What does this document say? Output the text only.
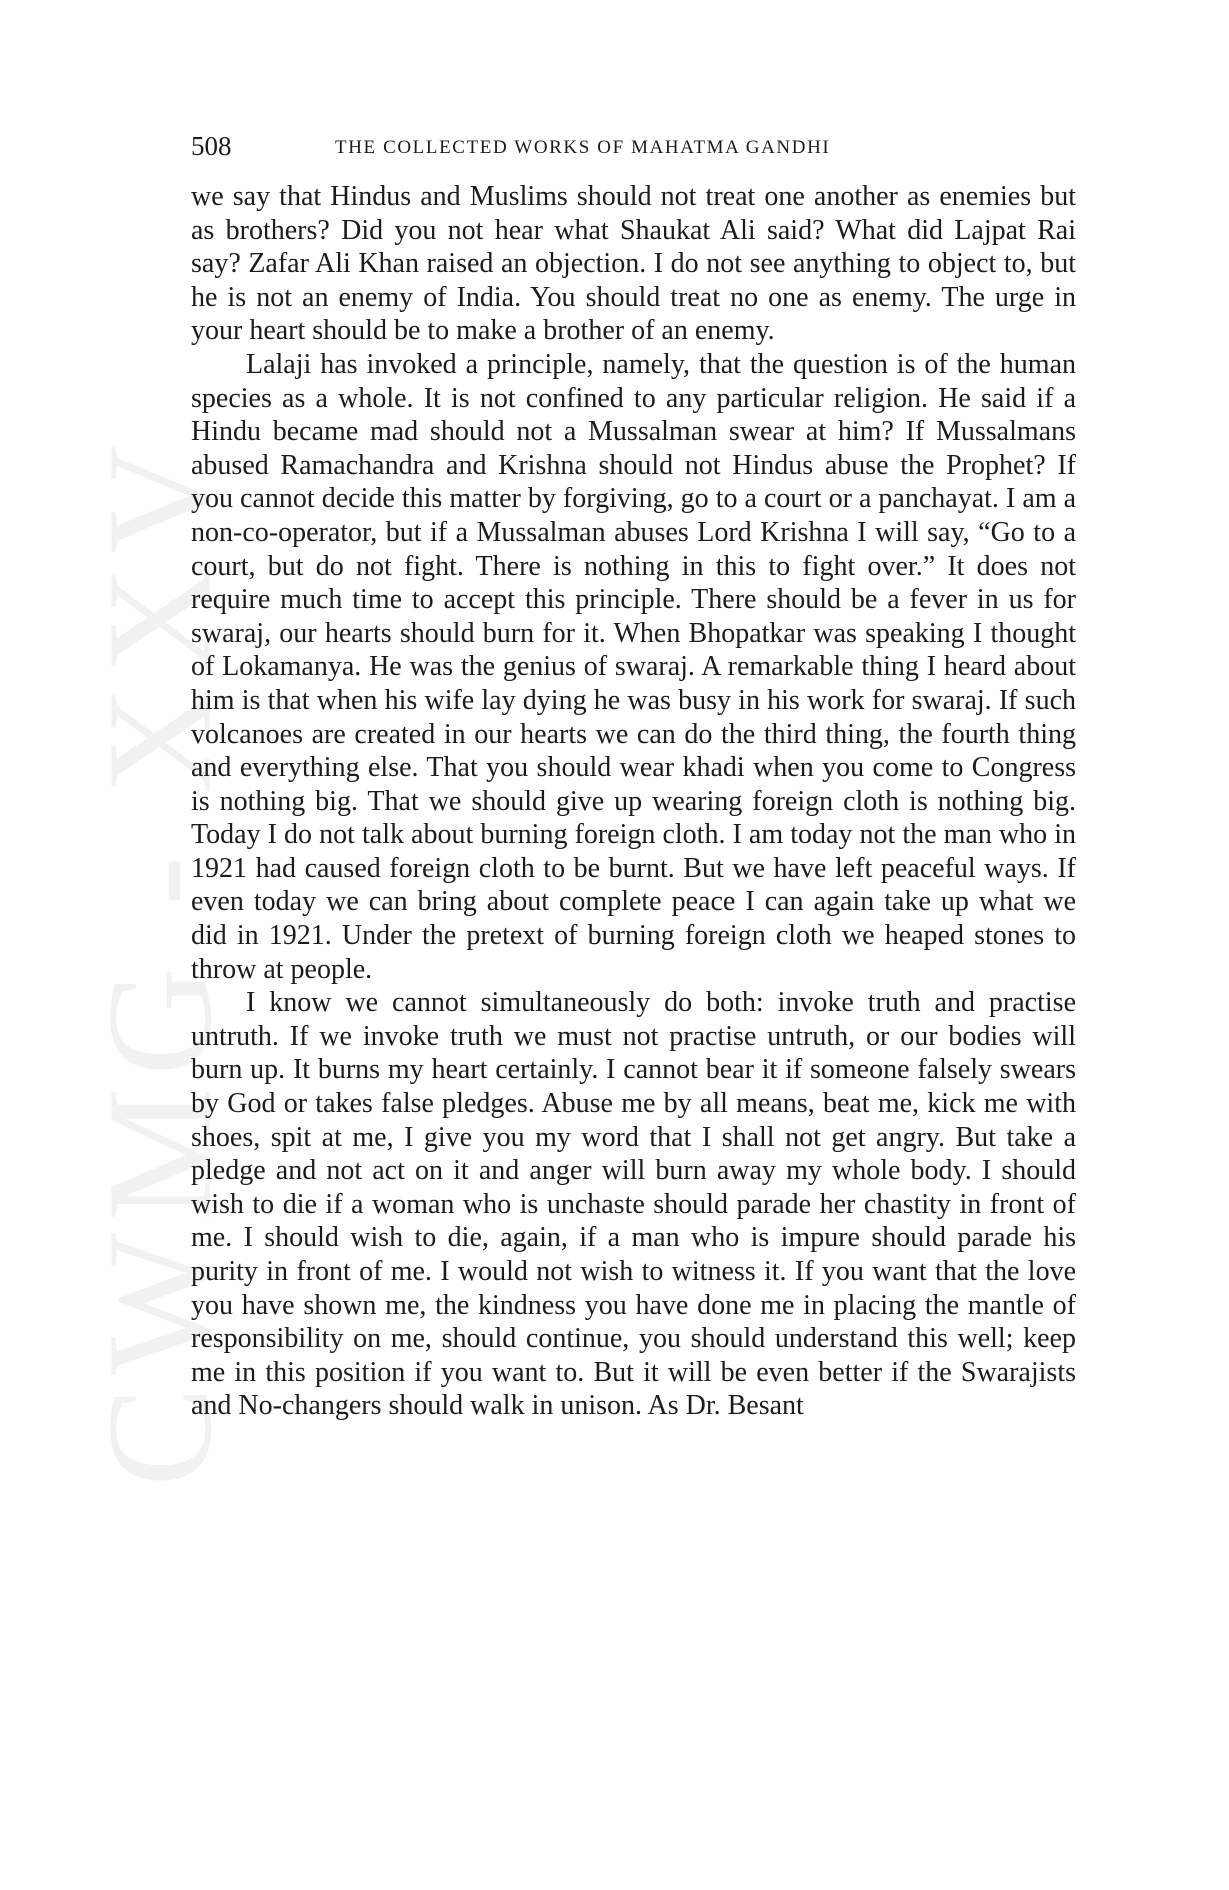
CWMG - XXV
508	THE COLLECTED WORKS OF MAHATMA GANDHI

we say that Hindus and Muslims should not treat one another as enemies but as brothers? Did you not hear what Shaukat Ali said? What did Lajpat Rai say? Zafar Ali Khan raised an objection. I do not see anything to object to, but he is not an enemy of India. You should treat no one as enemy. The urge in your heart should be to make a brother of an enemy.

Lalaji has invoked a principle, namely, that the question is of the human species as a whole. It is not confined to any particular religion. He said if a Hindu became mad should not a Mussalman swear at him? If Mussalmans abused Ramachandra and Krishna should not Hindus abuse the Prophet? If you cannot decide this matter by forgiving, go to a court or a panchayat. I am a non-co-operator, but if a Mussalman abuses Lord Krishna I will say, “Go to a court, but do not fight. There is nothing in this to fight over.” It does not require much time to accept this principle. There should be a fever in us for swaraj, our hearts should burn for it. When Bhopatkar was speaking I thought of Lokamanya. He was the genius of swaraj. A remarkable thing I heard about him is that when his wife lay dying he was busy in his work for swaraj. If such volcanoes are created in our hearts we can do the third thing, the fourth thing and everything else. That you should wear khadi when you come to Congress is nothing big. That we should give up wearing foreign cloth is nothing big. Today I do not talk about burning foreign cloth. I am today not the man who in 1921 had caused foreign cloth to be burnt. But we have left peaceful ways. If even today we can bring about complete peace I can again take up what we did in 1921. Under the pretext of burning foreign cloth we heaped stones to throw at people.

I know we cannot simultaneously do both: invoke truth and practise untruth. If we invoke truth we must not practise untruth, or our bodies will burn up. It burns my heart certainly. I cannot bear it if someone falsely swears by God or takes false pledges. Abuse me by all means, beat me, kick me with shoes, spit at me, I give you my word that I shall not get angry. But take a pledge and not act on it and anger will burn away my whole body. I should wish to die if a woman who is unchaste should parade her chastity in front of me. I should wish to die, again, if a man who is impure should parade his purity in front of me. I would not wish to witness it. If you want that the love you have shown me, the kindness you have done me in placing the mantle of responsibility on me, should continue, you should understand this well; keep me in this position if you want to. But it will be even better if the Swarajists and No-changers should walk in unison. As Dr. Besant
